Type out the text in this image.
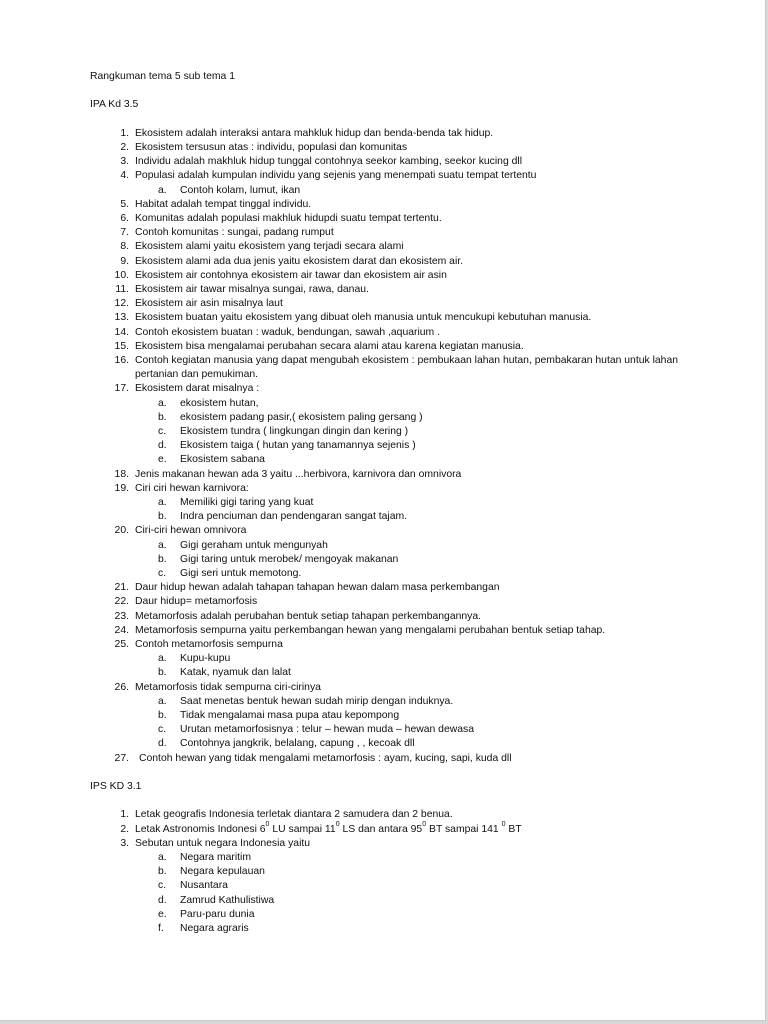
Rangkuman tema 5 sub tema 1
IPA Kd 3.5
1. Ekosistem adalah interaksi antara mahkluk hidup dan benda-benda tak hidup.
2. Ekosistem tersusun atas : individu, populasi dan komunitas
3. Individu adalah makhluk hidup tunggal contohnya seekor kambing, seekor kucing dll
4. Populasi adalah kumpulan individu yang sejenis yang menempati suatu tempat tertentu
a. Contoh kolam, lumut, ikan
5. Habitat adalah tempat tinggal individu.
6. Komunitas adalah populasi makhluk hidupdi suatu tempat tertentu.
7. Contoh komunitas : sungai, padang rumput
8. Ekosistem alami yaitu ekosistem yang terjadi secara alami
9. Ekosistem alami ada dua jenis yaitu ekosistem darat dan ekosistem air.
10. Ekosistem air contohnya ekosistem air tawar dan ekosistem air asin
11. Ekosistem air tawar misalnya sungai, rawa, danau.
12. Ekosistem air asin misalnya laut
13. Ekosistem buatan yaitu ekosistem yang dibuat oleh manusia untuk mencukupi kebutuhan manusia.
14. Contoh ekosistem buatan : waduk, bendungan, sawah ,aquarium .
15. Ekosistem bisa mengalamai perubahan secara alami atau karena kegiatan manusia.
16. Contoh kegiatan manusia yang dapat mengubah ekosistem : pembukaan lahan hutan, pembakaran hutan untuk lahan pertanian dan pemukiman.
17. Ekosistem darat misalnya :
a. ekosistem hutan,
b. ekosistem padang pasir,( ekosistem paling gersang )
c. Ekosistem tundra ( lingkungan dingin dan kering )
d. Ekosistem taiga ( hutan yang tanamannya sejenis )
e. Ekosistem sabana
18. Jenis makanan hewan ada 3 yaitu ...herbivora, karnivora dan omnivora
19. Ciri ciri hewan karnivora:
a. Memiliki gigi taring yang kuat
b. Indra penciuman dan pendengaran sangat tajam.
20. Ciri-ciri hewan omnivora
a. Gigi geraham untuk mengunyah
b. Gigi taring untuk merobek/ mengoyak makanan
c. Gigi seri untuk memotong.
21. Daur hidup hewan adalah tahapan tahapan hewan dalam masa perkembangan
22. Daur hidup= metamorfosis
23. Metamorfosis adalah perubahan bentuk setiap tahapan perkembangannya.
24. Metamorfosis sempurna yaitu perkembangan hewan yang mengalami perubahan bentuk setiap tahap.
25. Contoh metamorfosis sempurna
a. Kupu-kupu
b. Katak, nyamuk dan lalat
26. Metamorfosis tidak sempurna ciri-cirinya
a. Saat menetas bentuk hewan sudah mirip dengan induknya.
b. Tidak mengalamai masa pupa atau kepompong
c. Urutan metamorfosisnya : telur – hewan muda – hewan dewasa
d. Contohnya jangkrik, belalang, capung , , kecoak dll
27. Contoh hewan yang tidak mengalami metamorfosis : ayam, kucing, sapi, kuda dll
IPS KD 3.1
1. Letak geografis Indonesia terletak diantara 2 samudera dan 2 benua.
2. Letak Astronomis Indonesi $6^0$ LU sampai $11^0$ LS dan antara $95^0$ BT sampai 141 $^0$ BT
3. Sebutan untuk negara Indonesia yaitu
a. Negara maritim
b. Negara kepulauan
c. Nusantara
d. Zamrud Kathulistiwa
e. Paru-paru dunia
f. Negara agraris
